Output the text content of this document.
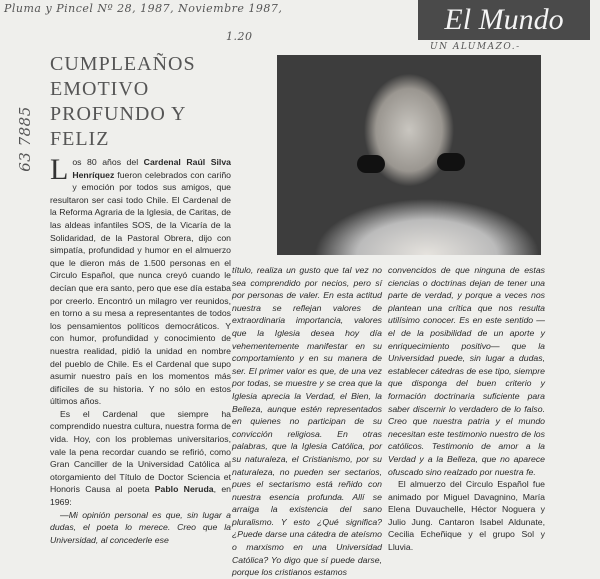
Pluma y Pincel Nº 28, 1987, Noviembre 1987,
1.20
UN ALUMAZO.-
63 7885
El Mundo
CUMPLEAÑOS
EMOTIVO
PROFUNDO Y
FELIZ

Los 80 años del Cardenal Raúl Silva Henríquez fueron celebrados con cariño y emoción por todos sus amigos, que resultaron ser casi todo Chile. El Cardenal de la Reforma Agraria de la Iglesia, de Caritas, de las aldeas infantiles SOS, de la Vicaría de la Solidaridad, de la Pastoral Obrera, dijo con simpatía, profundidad y humor en el almuerzo que le dieron más de 1.500 personas en el Circulo Español, que nunca creyó cuando le decían que era santo, pero que ese día estaba por creerlo. Encontró un milagro ver reunidos, en torno a su mesa a representantes de todos los pensamientos políticos democráticos. Y con humor, profundidad y conocimiento de nuestra realidad, pidió la unidad en nombre del pueblo de Chile. Es el Cardenal que supo asumir nuestro país en los momentos más difíciles de su historia. Y no sólo en estos últimos años.

Es el Cardenal que siempre ha comprendido nuestra cultura, nuestra forma de vida. Hoy, con los problemas universitarios, vale la pena recordar cuando se refirió, como Gran Canciller de la Universidad Católica al otorgamiento del Título de Doctor Sciencia et Honoris Causa al poeta Pablo Neruda, en 1969:

—Mi opinión personal es que, sin lugar a dudas, el poeta lo merece. Creo que la Universidad, al concederle ese

título, realiza un gusto que tal vez no sea comprendido por necios, pero sí por personas de valer. En esta actitud nuestra se reflejan valores de extraordinaria importancia, valores que la Iglesia desea hoy día vehementemente manifestar en su comportamiento y en su manera de ser. El primer valor es que, de una vez por todas, se muestre y se crea que la Iglesia aprecia la Verdad, el Bien, la Belleza, aunque estén representados en quienes no participan de su convicción religiosa. En otras palabras, que la Iglesia Católica, por su naturaleza, el Cristianismo, por su naturaleza, no pueden ser sectarios, pues el sectarismo está reñido con nuestra esencia profunda. Allí se arraiga la existencia del sano pluralismo. Y esto ¿Qué significa? ¿Puede darse una cátedra de ateísmo o marxismo en una Universidad Católica? Yo digo que sí puede darse, porque los cristianos estamos

convencidos de que ninguna de estas ciencias o doctrinas dejan de tener una parte de verdad, y porque a veces nos plantean una crítica que nos resulta utilísimo conocer. Es en este sentido —el de la posibilidad de un aporte y enriquecimiento positivo— que la Universidad puede, sin lugar a dudas, establecer cátedras de ese tipo, siempre que disponga del buen criterio y formación doctrinaria suficiente para saber discernir lo verdadero de lo falso. Creo que nuestra patria y el mundo necesitan este testimonio nuestro de los católicos. Testimonio de amor a la Verdad y a la Belleza, que no aparece ofuscado sino realzado por nuestra fe.

El almuerzo del Circulo Español fue animado por Miguel Davagnino, María Elena Duvauchelle, Héctor Noguera y Julio Jung. Cantaron Isabel Aldunate, Cecilia Echeñique y el grupo Sol y Lluvia.
